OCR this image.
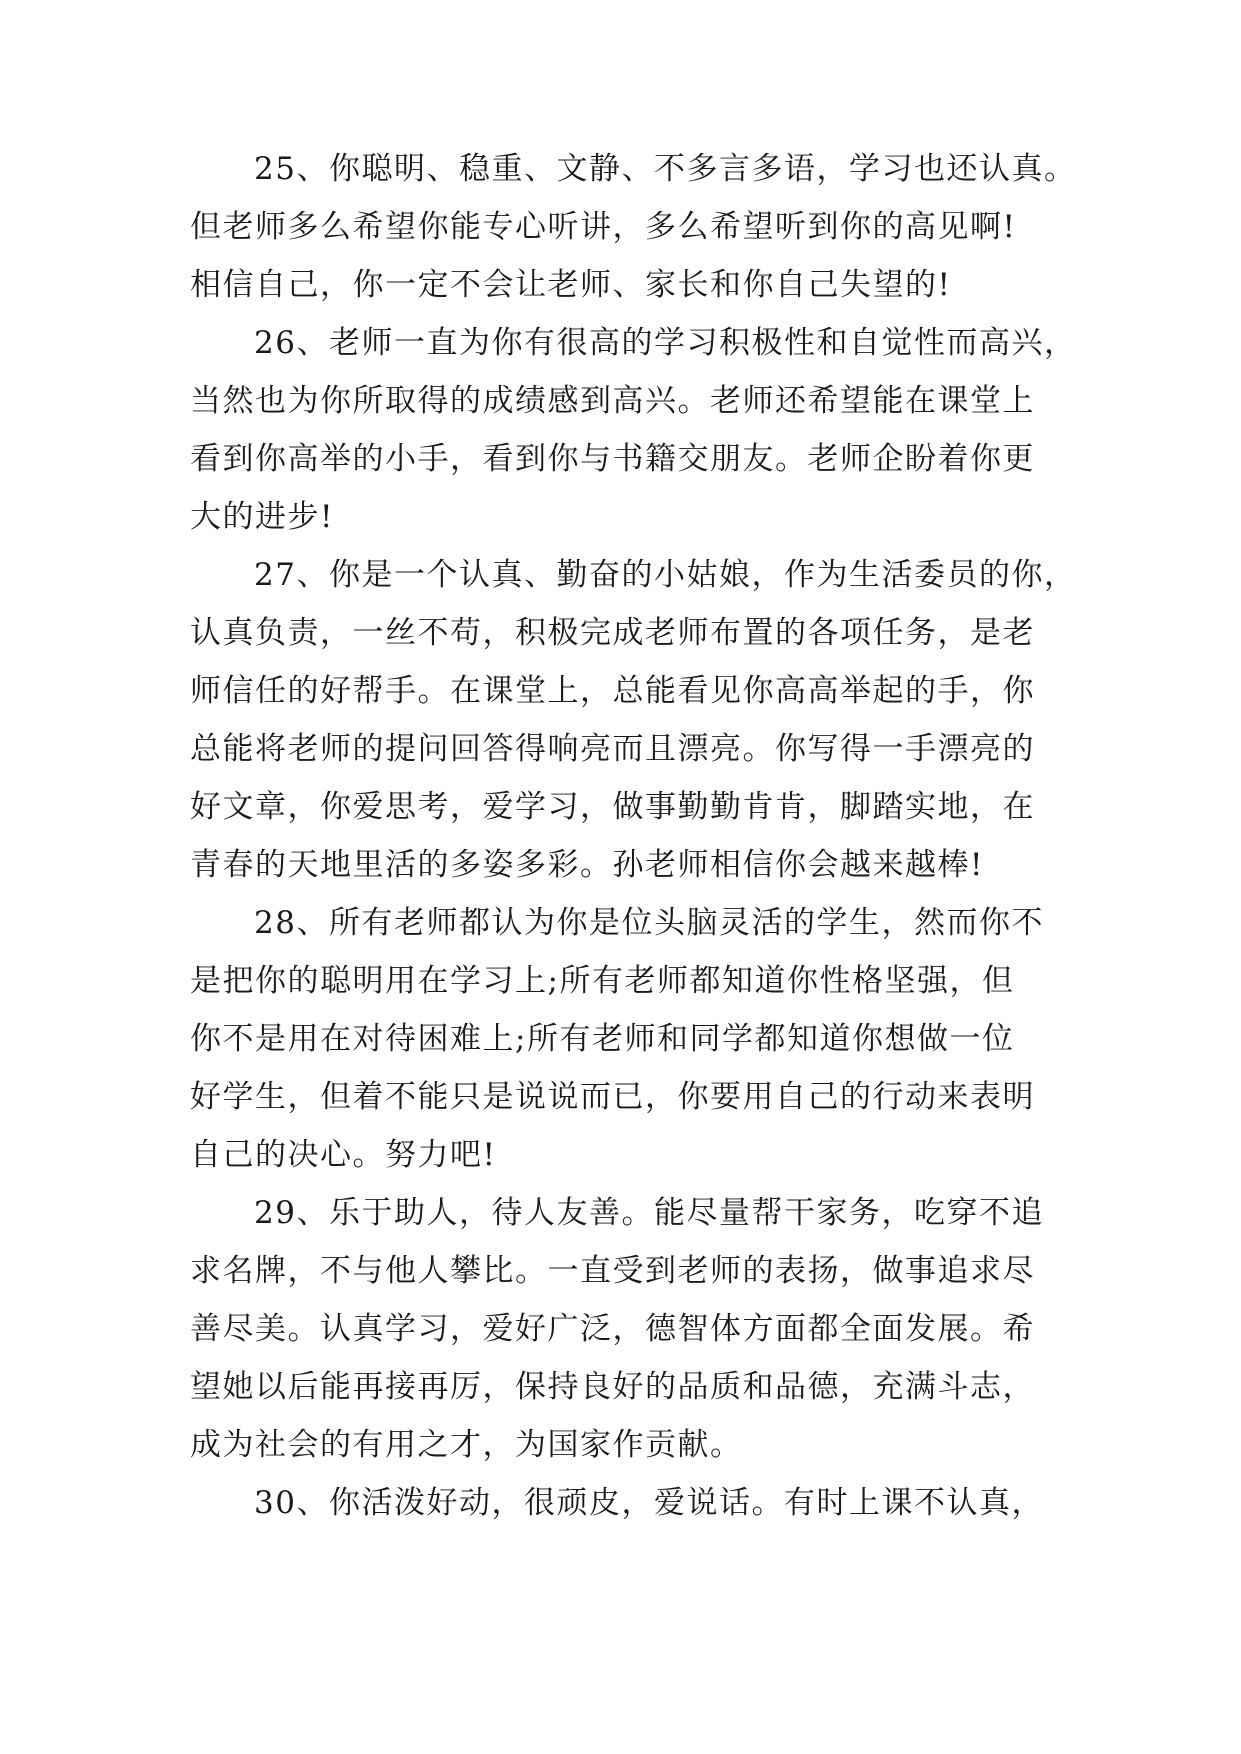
25、你聪明、稳重、文静、不多言多语，学习也还认真。
但老师多么希望你能专心听讲，多么希望听到你的高见啊!
相信自己，你一定不会让老师、家长和你自己失望的!
26、老师一直为你有很高的学习积极性和自觉性而高兴，
当然也为你所取得的成绩感到高兴。老师还希望能在课堂上
看到你高举的小手，看到你与书籍交朋友。老师企盼着你更
大的进步!
27、你是一个认真、勤奋的小姑娘，作为生活委员的你，
认真负责，一丝不苟，积极完成老师布置的各项任务，是老
师信任的好帮手。在课堂上，总能看见你高高举起的手，你
总能将老师的提问回答得响亮而且漂亮。你写得一手漂亮的
好文章，你爱思考，爱学习，做事勤勤肯肯，脚踏实地，在
青春的天地里活的多姿多彩。孙老师相信你会越来越棒!
28、所有老师都认为你是位头脑灵活的学生，然而你不
是把你的聪明用在学习上;所有老师都知道你性格坚强，但
你不是用在对待困难上;所有老师和同学都知道你想做一位
好学生，但着不能只是说说而已，你要用自己的行动来表明
自己的决心。努力吧!
29、乐于助人，待人友善。能尽量帮干家务，吃穿不追
求名牌，不与他人攀比。一直受到老师的表扬，做事追求尽
善尽美。认真学习，爱好广泛，德智体方面都全面发展。希
望她以后能再接再厉，保持良好的品质和品德，充满斗志，
成为社会的有用之才，为国家作贡献。
30、你活泼好动，很顽皮，爱说话。有时上课不认真，
